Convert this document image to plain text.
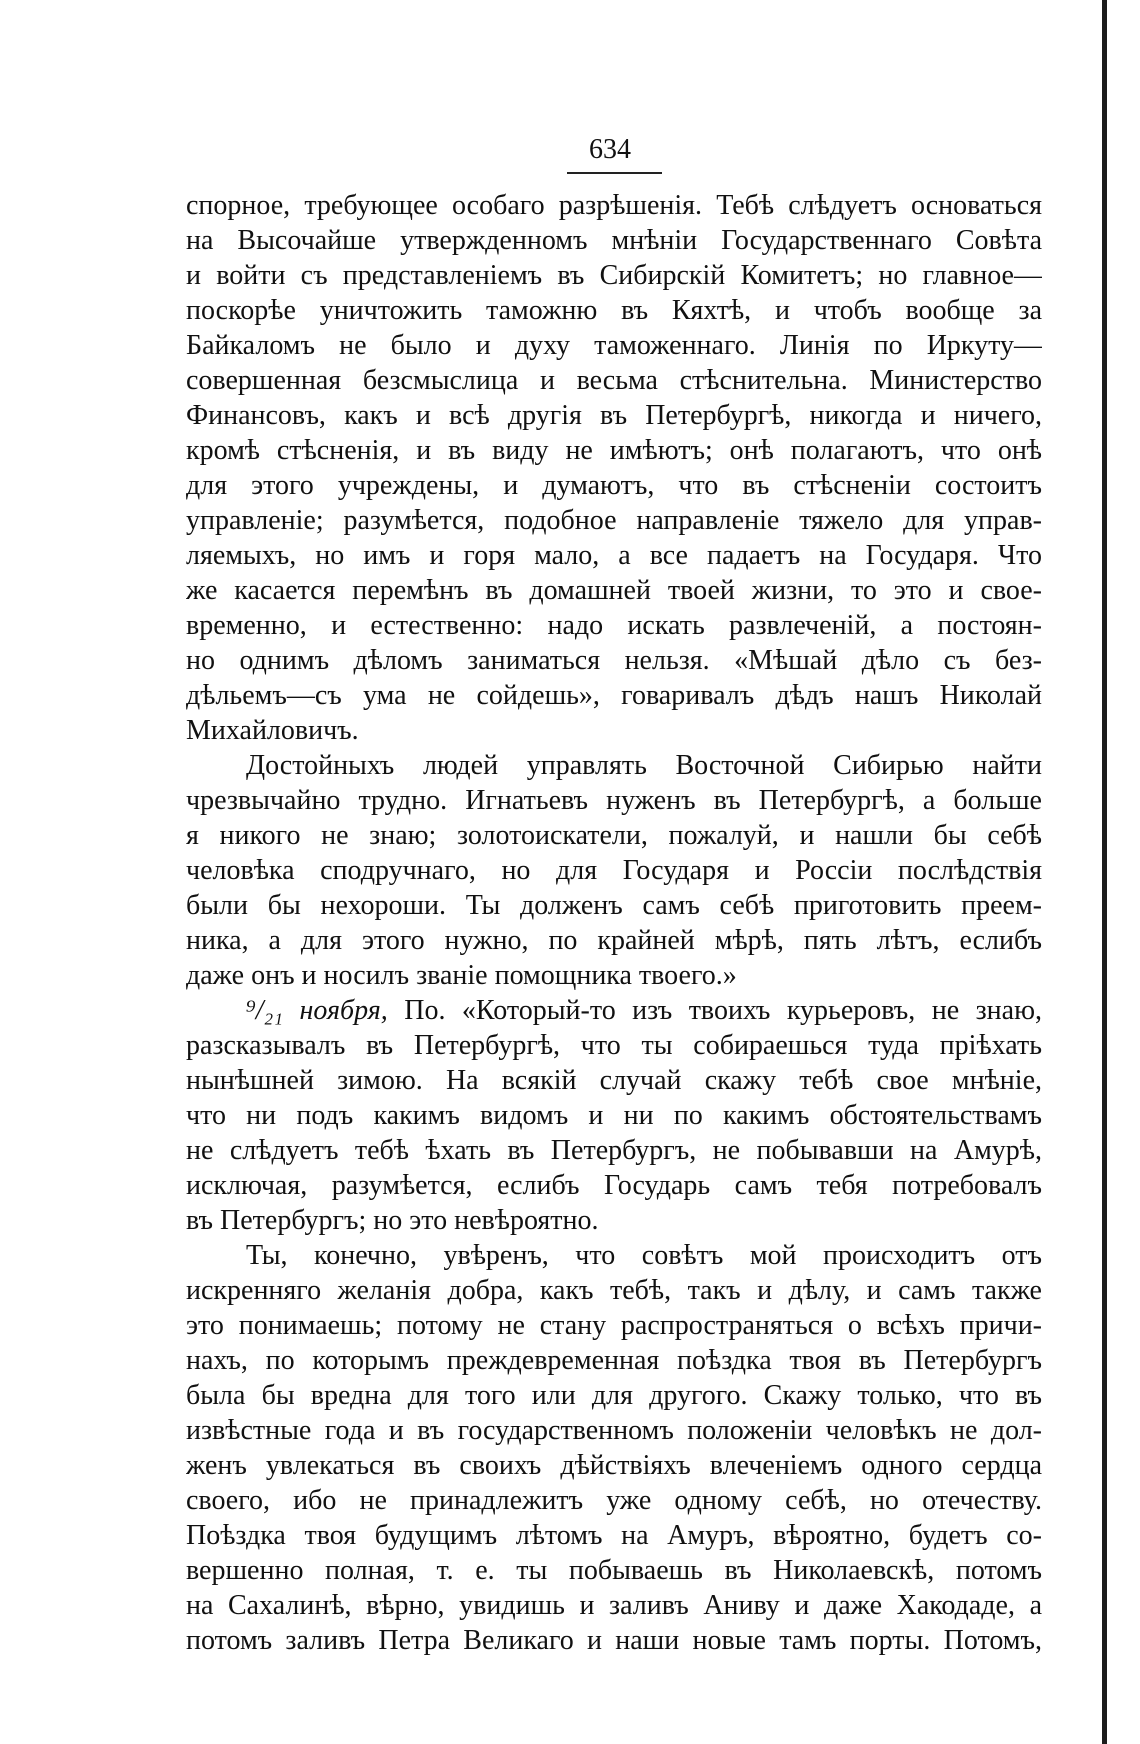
634
спорное, требующее особаго разрѣшенія. Тебѣ слѣдуетъ основаться
на Высочайше утвержденномъ мнѣніи Государственнаго Совѣта
и войти съ представленіемъ въ Сибирскій Комитетъ; но главное—
поскорѣе уничтожить таможню въ Кяхтѣ, и чтобъ вообще за
Байкаломъ не было и духу таможеннаго. Линія по Иркуту—
совершенная безсмыслица и весьма стѣснительна. Министерство
Финансовъ, какъ и всѣ другія въ Петербургѣ, никогда и ничего,
кромѣ стѣсненія, и въ виду не имѣютъ; онѣ полагаютъ, что онѣ
для этого учреждены, и думаютъ, что въ стѣсненіи состоитъ
управленіе; разумѣется, подобное направленіе тяжело для управ-
ляемыхъ, но имъ и горя мало, а все падаетъ на Государя. Что
же касается перемѣнъ въ домашней твоей жизни, то это и свое-
временно, и естественно: надо искать развлеченій, а постоян-
но однимъ дѣломъ заниматься нельзя. «Мѣшай дѣло съ без-
дѣльемъ—съ ума не сойдешь», говаривалъ дѣдъ нашъ Николай
Михайловичъ.
Достойныхъ людей управлять Восточной Сибирью найти
чрезвычайно трудно. Игнатьевъ нуженъ въ Петербургѣ, а больше
я никого не знаю; золотоискатели, пожалуй, и нашли бы себѣ
человѣка сподручнаго, но для Государя и Россіи послѣдствія
были бы нехороши. Ты долженъ самъ себѣ приготовить преем-
ника, а для этого нужно, по крайней мѣрѣ, пять лѣтъ, еслибъ
даже онъ и носилъ званіе помощника твоего.»
⁹/₂₁ ноября, По. «Который-то изъ твоихъ курьеровъ, не знаю,
разсказывалъ въ Петербургѣ, что ты собираешься туда пріѣхать
нынѣшней зимою. На всякій случай скажу тебѣ свое мнѣніе,
что ни подъ какимъ видомъ и ни по какимъ обстоятельствамъ
не слѣдуетъ тебѣ ѣхать въ Петербургъ, не побывавши на Амурѣ,
исключая, разумѣется, еслибъ Государь самъ тебя потребовалъ
въ Петербургъ; но это невѣроятно.
Ты, конечно, увѣренъ, что совѣтъ мой происходитъ отъ
искренняго желанія добра, какъ тебѣ, такъ и дѣлу, и самъ также
это понимаешь; потому не стану распространяться о всѣхъ причи-
нахъ, по которымъ преждевременная поѣздка твоя въ Петербургъ
была бы вредна для того или для другого. Скажу только, что въ
извѣстные года и въ государственномъ положеніи человѣкъ не дол-
женъ увлекаться въ своихъ дѣйствіяхъ влеченіемъ одного сердца
своего, ибо не принадлежитъ уже одному себѣ, но отечеству.
Поѣздка твоя будущимъ лѣтомъ на Амуръ, вѣроятно, будетъ со-
вершенно полная, т. е. ты побываешь въ Николаевскѣ, потомъ
на Сахалинѣ, вѣрно, увидишь и заливъ Аниву и даже Хакодаде, а
потомъ заливъ Петра Великаго и наши новые тамъ порты. Потомъ,
